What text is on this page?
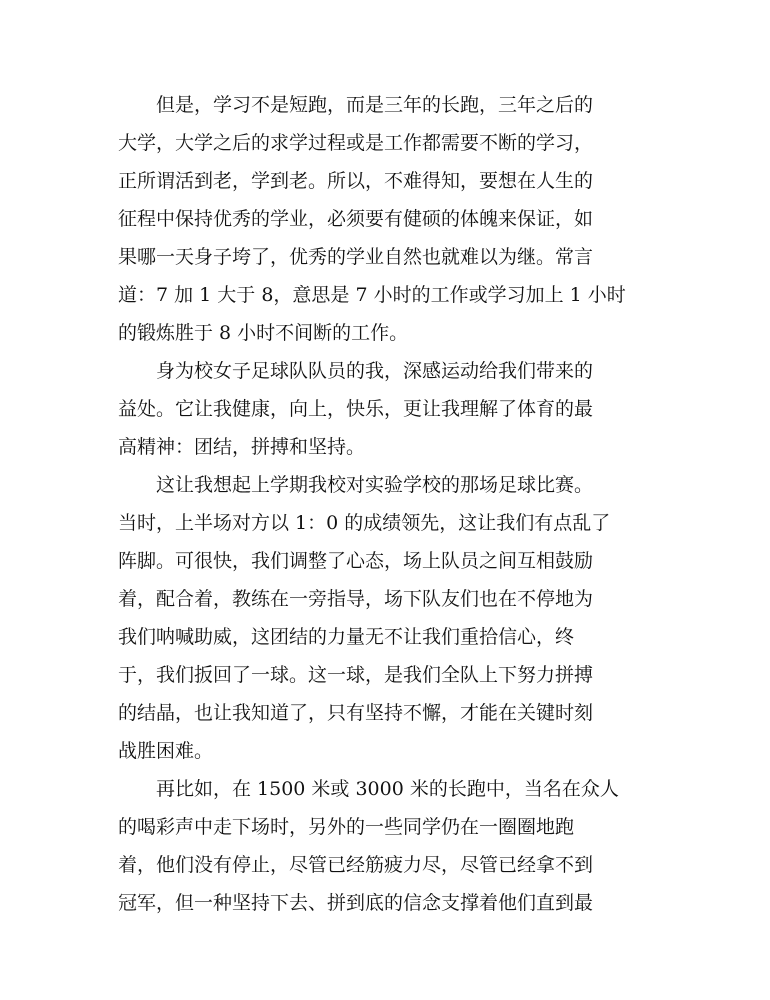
但是，学习不是短跑，而是三年的长跑，三年之后的
大学，大学之后的求学过程或是工作都需要不断的学习，
正所谓活到老，学到老。所以，不难得知，要想在人生的
征程中保持优秀的学业，必须要有健硕的体魄来保证，如
果哪一天身子垮了，优秀的学业自然也就难以为继。常言
道：7 加 1 大于 8，意思是 7 小时的工作或学习加上 1 小时
的锻炼胜于 8 小时不间断的工作。
身为校女子足球队队员的我，深感运动给我们带来的
益处。它让我健康，向上，快乐，更让我理解了体育的最
高精神：团结，拼搏和坚持。
这让我想起上学期我校对实验学校的那场足球比赛。
当时，上半场对方以 1：0 的成绩领先，这让我们有点乱了
阵脚。可很快，我们调整了心态，场上队员之间互相鼓励
着，配合着，教练在一旁指导，场下队友们也在不停地为
我们呐喊助威，这团结的力量无不让我们重拾信心，终
于，我们扳回了一球。这一球，是我们全队上下努力拼搏
的结晶，也让我知道了，只有坚持不懈，才能在关键时刻
战胜困难。
再比如，在 1500 米或 3000 米的长跑中，当名在众人
的喝彩声中走下场时，另外的一些同学仍在一圈圈地跑
着，他们没有停止，尽管已经筋疲力尽，尽管已经拿不到
冠军，但一种坚持下去、拼到底的信念支撑着他们直到最
